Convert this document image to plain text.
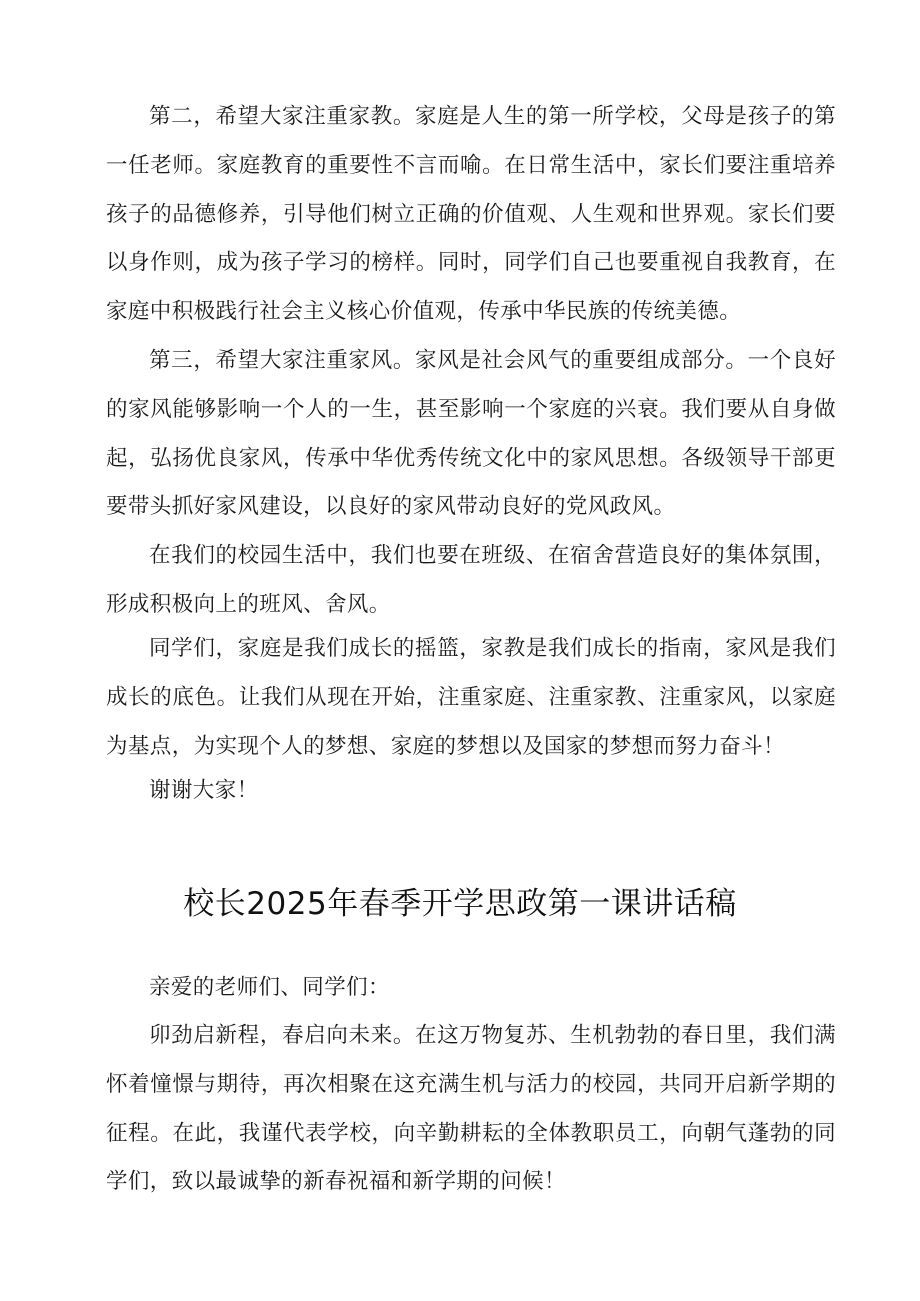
第二，希望大家注重家教。家庭是人生的第一所学校，父母是孩子的第一任老师。家庭教育的重要性不言而喻。在日常生活中，家长们要注重培养孩子的品德修养，引导他们树立正确的价值观、人生观和世界观。家长们要以身作则，成为孩子学习的榜样。同时，同学们自己也要重视自我教育，在家庭中积极践行社会主义核心价值观，传承中华民族的传统美德。

第三，希望大家注重家风。家风是社会风气的重要组成部分。一个良好的家风能够影响一个人的一生，甚至影响一个家庭的兴衰。我们要从自身做起，弘扬优良家风，传承中华优秀传统文化中的家风思想。各级领导干部更要带头抓好家风建设，以良好的家风带动良好的党风政风。

在我们的校园生活中，我们也要在班级、在宿舍营造良好的集体氛围，形成积极向上的班风、舍风。

同学们，家庭是我们成长的摇篮，家教是我们成长的指南，家风是我们成长的底色。让我们从现在开始，注重家庭、注重家教、注重家风，以家庭为基点，为实现个人的梦想、家庭的梦想以及国家的梦想而努力奋斗！

谢谢大家！

校长2025年春季开学思政第一课讲话稿

亲爱的老师们、同学们：

卯劲启新程，春启向未来。在这万物复苏、生机勃勃的春日里，我们满怀着憧憬与期待，再次相聚在这充满生机与活力的校园，共同开启新学期的征程。在此，我谨代表学校，向辛勤耕耘的全体教职员工，向朝气蓬勃的同学们，致以最诚挚的新春祝福和新学期的问候！
